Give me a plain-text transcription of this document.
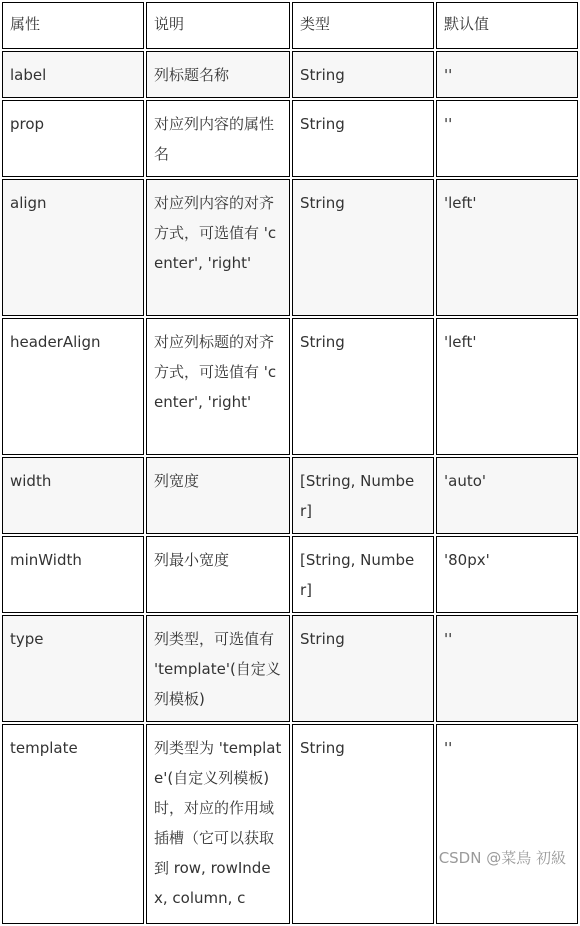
属性	说明	类型	默认值
label	列标题名称	String	''
prop	对应列内容的属性名	String	''
align	对应列内容的对齐方式，可选值有 'center', 'right'	String	'left'
headerAlign	对应列标题的对齐方式，可选值有 'center', 'right'	String	'left'
width	列宽度	[String, Number]	'auto'
minWidth	列最小宽度	[String, Number]	'80px'
type	列类型，可选值有 'template'(自定义列模板)	String	''
template	列类型为 'template'(自定义列模板)时，对应的作用域插槽（它可以获取到 row, rowIndex, column, c	String	''
CSDN @菜鳥 初級
